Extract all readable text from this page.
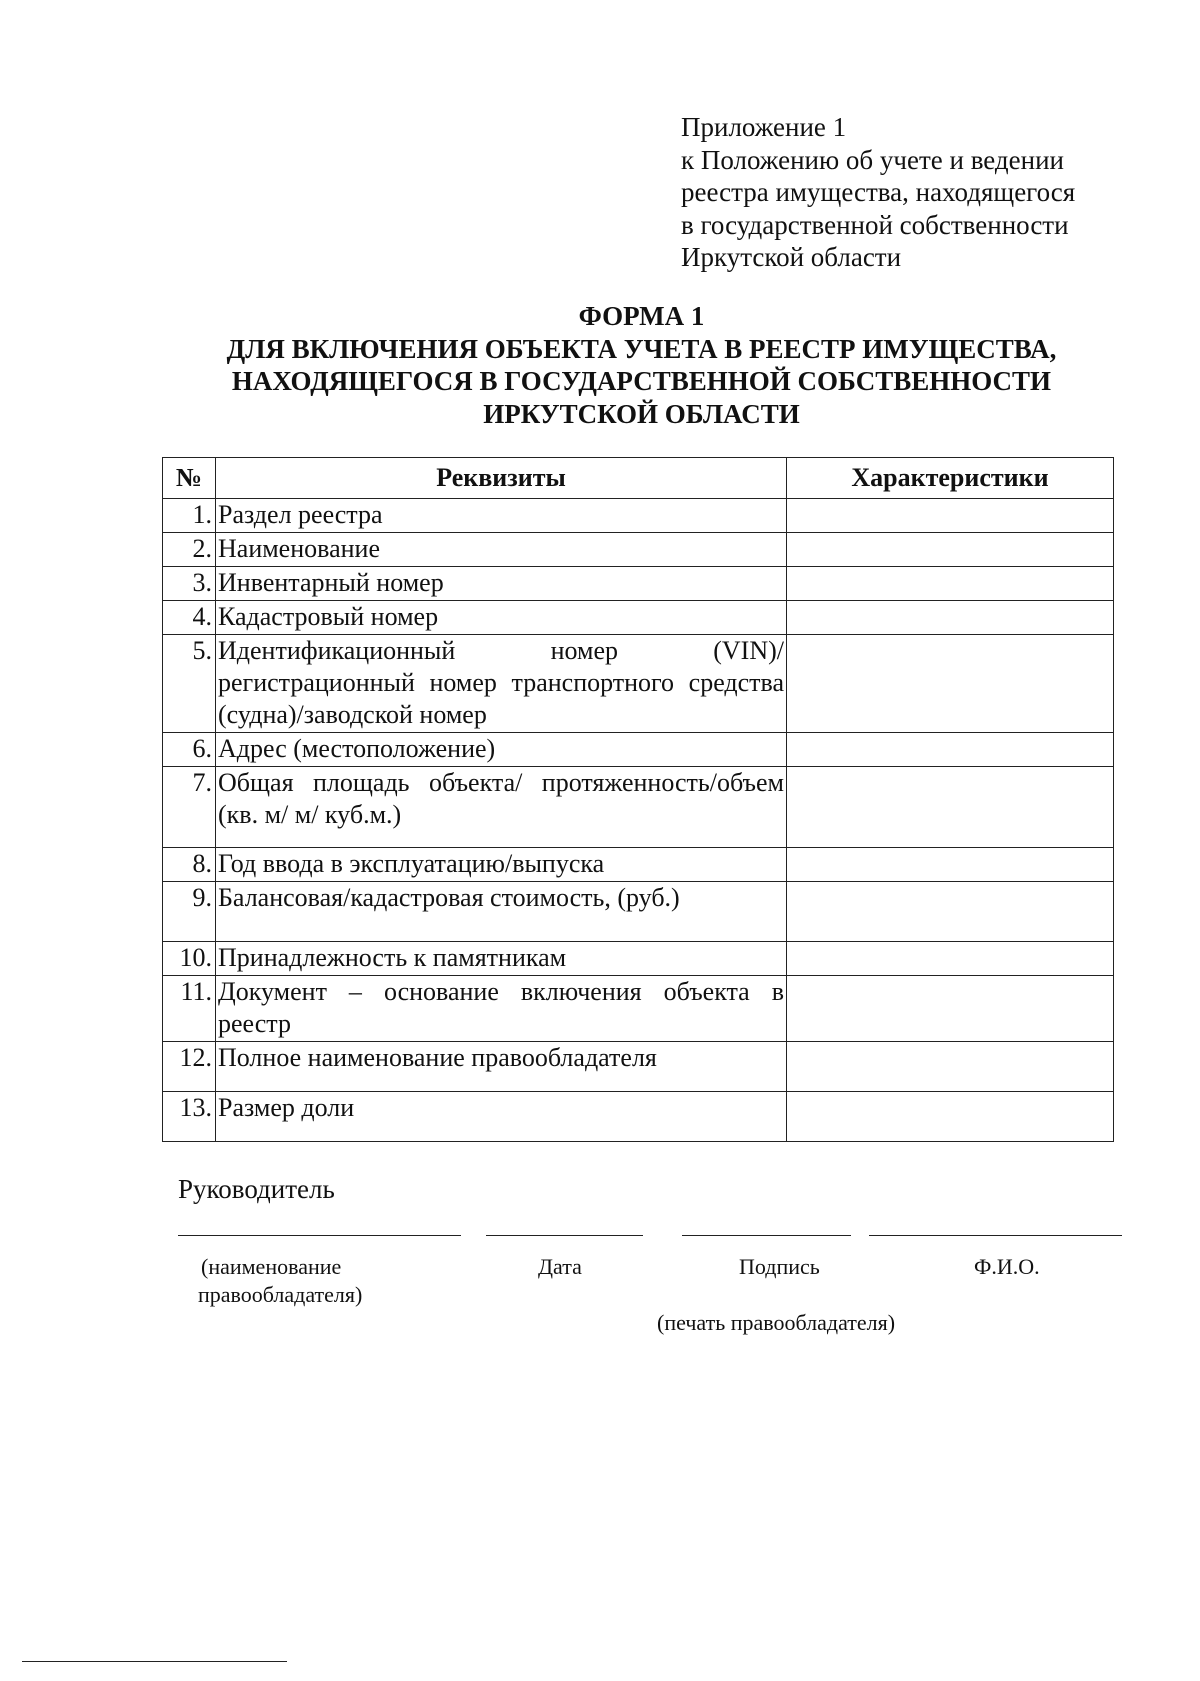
Приложение 1
к Положению об учете и ведении
реестра имущества, находящегося
в государственной собственности
Иркутской области
ФОРМА 1
ДЛЯ ВКЛЮЧЕНИЯ ОБЪЕКТА УЧЕТА В РЕЕСТР ИМУЩЕСТВА,
НАХОДЯЩЕГОСЯ В ГОСУДАРСТВЕННОЙ СОБСТВЕННОСТИ
ИРКУТСКОЙ ОБЛАСТИ
№	Реквизиты	Характеристики
1.	Раздел реестра	
2.	Наименование	
3.	Инвентарный номер	
4.	Кадастровый номер	
5.	Идентификационный номер (VIN)/ регистрационный номер транспортного средства (судна)/заводской номер	
6.	Адрес (местоположение)	
7.	Общая площадь объекта/ протяженность/объем (кв. м/ м/ куб.м.)	
8.	Год ввода в эксплуатацию/выпуска	
9.	Балансовая/кадастровая стоимость, (руб.)	
10.	Принадлежность к памятникам	
11.	Документ – основание включения объекта в реестр	
12.	Полное наименование правообладателя	
13.	Размер доли	
Руководитель
(наименование
правообладателя)
Дата	Подпись	Ф.И.О.
(печать правообладателя)
